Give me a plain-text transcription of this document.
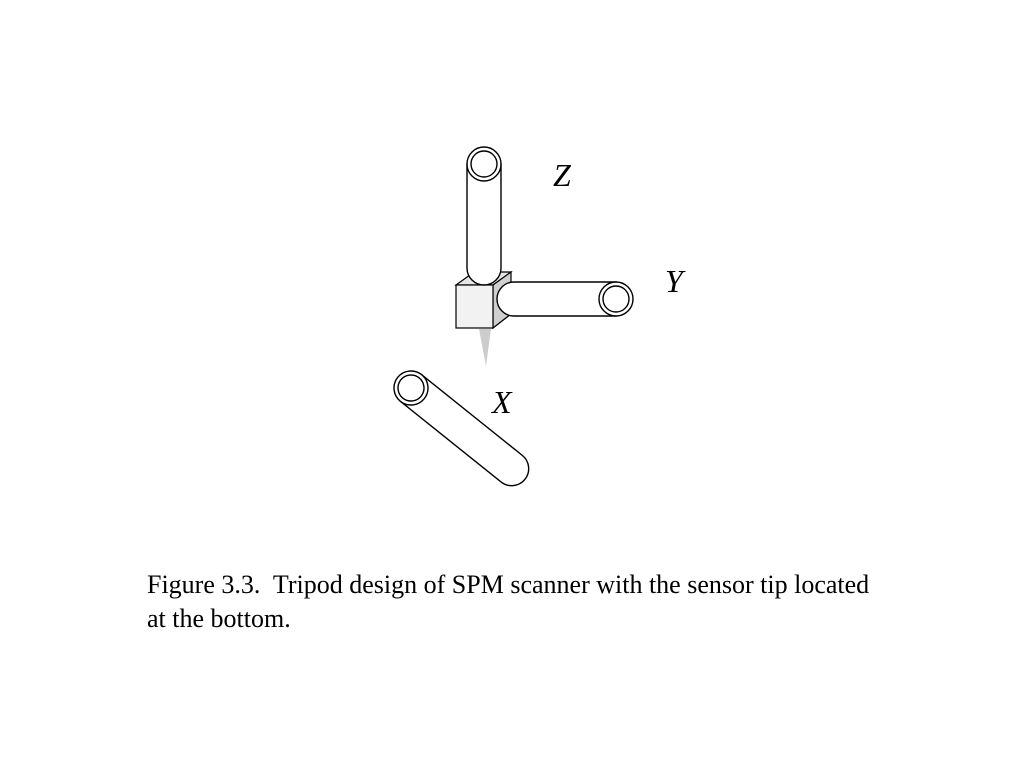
Z
Y
X

Figure 3.3.  Tripod design of SPM scanner with the sensor tip located
at the bottom.
